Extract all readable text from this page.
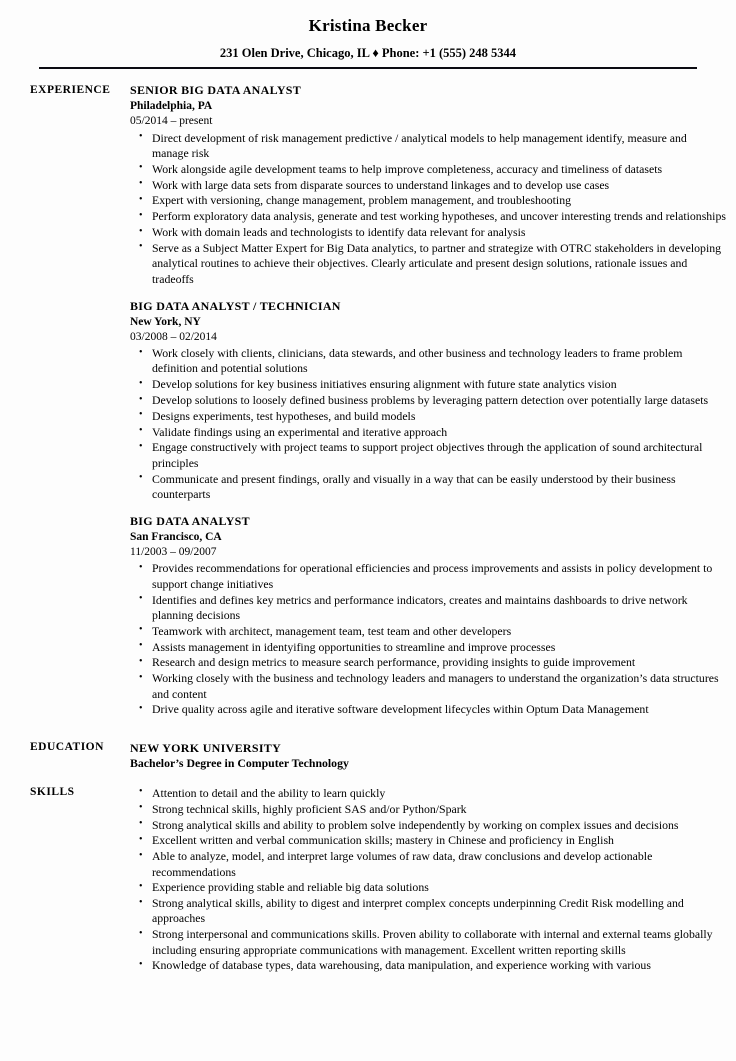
Kristina Becker
231 Olen Drive, Chicago, IL ♦ Phone: +1 (555) 248 5344
EXPERIENCE	SENIOR BIG DATA ANALYST
Philadelphia, PA
05/2014 – present
• Direct development of risk management predictive / analytical models to help management identify, measure and manage risk
• Work alongside agile development teams to help improve completeness, accuracy and timeliness of datasets
• Work with large data sets from disparate sources to understand linkages and to develop use cases
• Expert with versioning, change management, problem management, and troubleshooting
• Perform exploratory data analysis, generate and test working hypotheses, and uncover interesting trends and relationships
• Work with domain leads and technologists to identify data relevant for analysis
• Serve as a Subject Matter Expert for Big Data analytics, to partner and strategize with OTRC stakeholders in developing analytical routines to achieve their objectives. Clearly articulate and present design solutions, rationale issues and tradeoffs
BIG DATA ANALYST / TECHNICIAN
New York, NY
03/2008 – 02/2014
• Work closely with clients, clinicians, data stewards, and other business and technology leaders to frame problem definition and potential solutions
• Develop solutions for key business initiatives ensuring alignment with future state analytics vision
• Develop solutions to loosely defined business problems by leveraging pattern detection over potentially large datasets
• Designs experiments, test hypotheses, and build models
• Validate findings using an experimental and iterative approach
• Engage constructively with project teams to support project objectives through the application of sound architectural principles
• Communicate and present findings, orally and visually in a way that can be easily understood by their business counterparts
BIG DATA ANALYST
San Francisco, CA
11/2003 – 09/2007
• Provides recommendations for operational efficiencies and process improvements and assists in policy development to support change initiatives
• Identifies and defines key metrics and performance indicators, creates and maintains dashboards to drive network planning decisions
• Teamwork with architect, management team, test team and other developers
• Assists management in identyifing opportunities to streamline and improve processes
• Research and design metrics to measure search performance, providing insights to guide improvement
• Working closely with the business and technology leaders and managers to understand the organization’s data structures and content
• Drive quality across agile and iterative software development lifecycles within Optum Data Management
EDUCATION	NEW YORK UNIVERSITY
Bachelor’s Degree in Computer Technology
SKILLS	• Attention to detail and the ability to learn quickly
• Strong technical skills, highly proficient SAS and/or Python/Spark
• Strong analytical skills and ability to problem solve independently by working on complex issues and decisions
• Excellent written and verbal communication skills; mastery in Chinese and proficiency in English
• Able to analyze, model, and interpret large volumes of raw data, draw conclusions and develop actionable recommendations
• Experience providing stable and reliable big data solutions
• Strong analytical skills, ability to digest and interpret complex concepts underpinning Credit Risk modelling and approaches
• Strong interpersonal and communications skills. Proven ability to collaborate with internal and external teams globally including ensuring appropriate communications with management. Excellent written reporting skills
• Knowledge of database types, data warehousing, data manipulation, and experience working with various
